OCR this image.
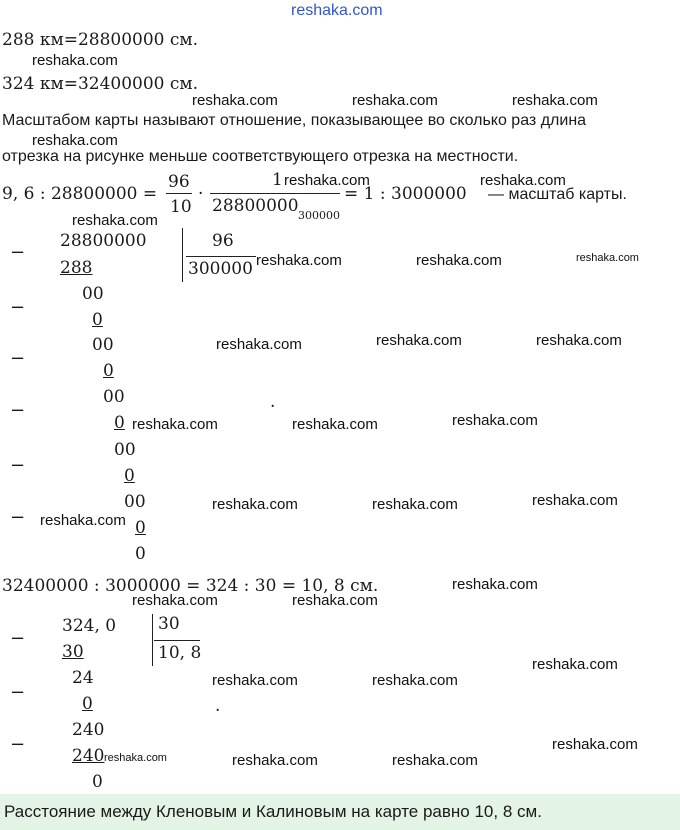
reshaka.com
288 км=28800000 см.
324 км=32400000 см.
Масштабом карты называют отношение, показывающее во сколько раз длина
отрезка на рисунке меньше соответствующего отрезка на местности.
9, 6 : 28800000 =
96
10
·
1
28800000 300000
= 1 : 3000000 — масштаб карты.
−
−
−
−
−
−
28800000	96
300000
288
00
0
00
0
00
0
00
0
00
0
0
32400000 : 3000000 = 324 : 30 = 10, 8 см.
−
−
−
324, 0 30
10, 8
30
24
0
240
240
0
Расстояние между Кленовым и Калиновым на карте равно 10, 8 см.
.
.
reshaka.com
reshaka.com	reshaka.com	reshaka.com
reshaka.com
reshaka.com	reshaka.com
reshaka.com
reshaka.com	reshaka.com	reshaka.com
reshaka.com	reshaka.com	reshaka.com
reshaka.com	reshaka.com	reshaka.com
reshaka.com	reshaka.com	reshaka.com
reshaka.com
reshaka.com
reshaka.com	reshaka.com
reshaka.com
reshaka.com	reshaka.com
reshaka.com
reshaka.com	reshaka.com	reshaka.com
